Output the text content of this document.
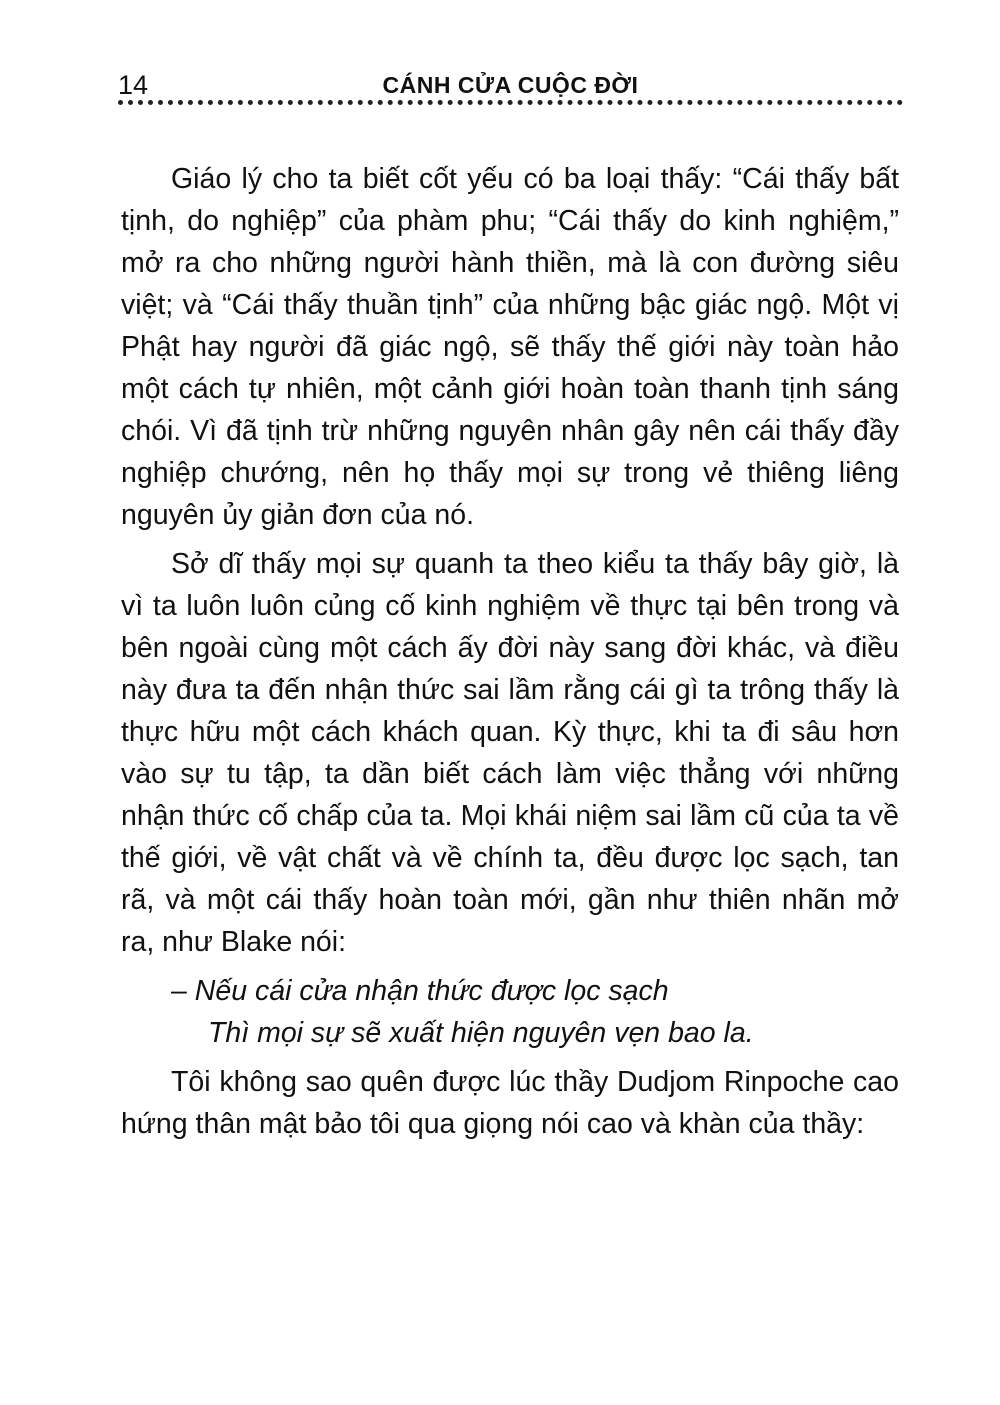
14	CÁNH CỬA CUỘC ĐỜI

Giáo lý cho ta biết cốt yếu có ba loại thấy: “Cái thấy bất tịnh, do nghiệp” của phàm phu; “Cái thấy do kinh nghiệm,” mở ra cho những người hành thiền, mà là con đường siêu việt; và “Cái thấy thuần tịnh” của những bậc giác ngộ. Một vị Phật hay người đã giác ngộ, sẽ thấy thế giới này toàn hảo một cách tự nhiên, một cảnh giới hoàn toàn thanh tịnh sáng chói. Vì đã tịnh trừ những nguyên nhân gây nên cái thấy đầy nghiệp chướng, nên họ thấy mọi sự trong vẻ thiêng liêng nguyên ủy giản đơn của nó.

Sở dĩ thấy mọi sự quanh ta theo kiểu ta thấy bây giờ, là vì ta luôn luôn củng cố kinh nghiệm về thực tại bên trong và bên ngoài cùng một cách ấy đời này sang đời khác, và điều này đưa ta đến nhận thức sai lầm rằng cái gì ta trông thấy là thực hữu một cách khách quan. Kỳ thực, khi ta đi sâu hơn vào sự tu tập, ta dần biết cách làm việc thẳng với những nhận thức cố chấp của ta. Mọi khái niệm sai lầm cũ của ta về thế giới, về vật chất và về chính ta, đều được lọc sạch, tan rã, và một cái thấy hoàn toàn mới, gần như thiên nhãn mở ra, như Blake nói:

– Nếu cái cửa nhận thức được lọc sạch
Thì mọi sự sẽ xuất hiện nguyên vẹn bao la.

Tôi không sao quên được lúc thầy Dudjom Rinpoche cao hứng thân mật bảo tôi qua giọng nói cao và khàn của thầy:
